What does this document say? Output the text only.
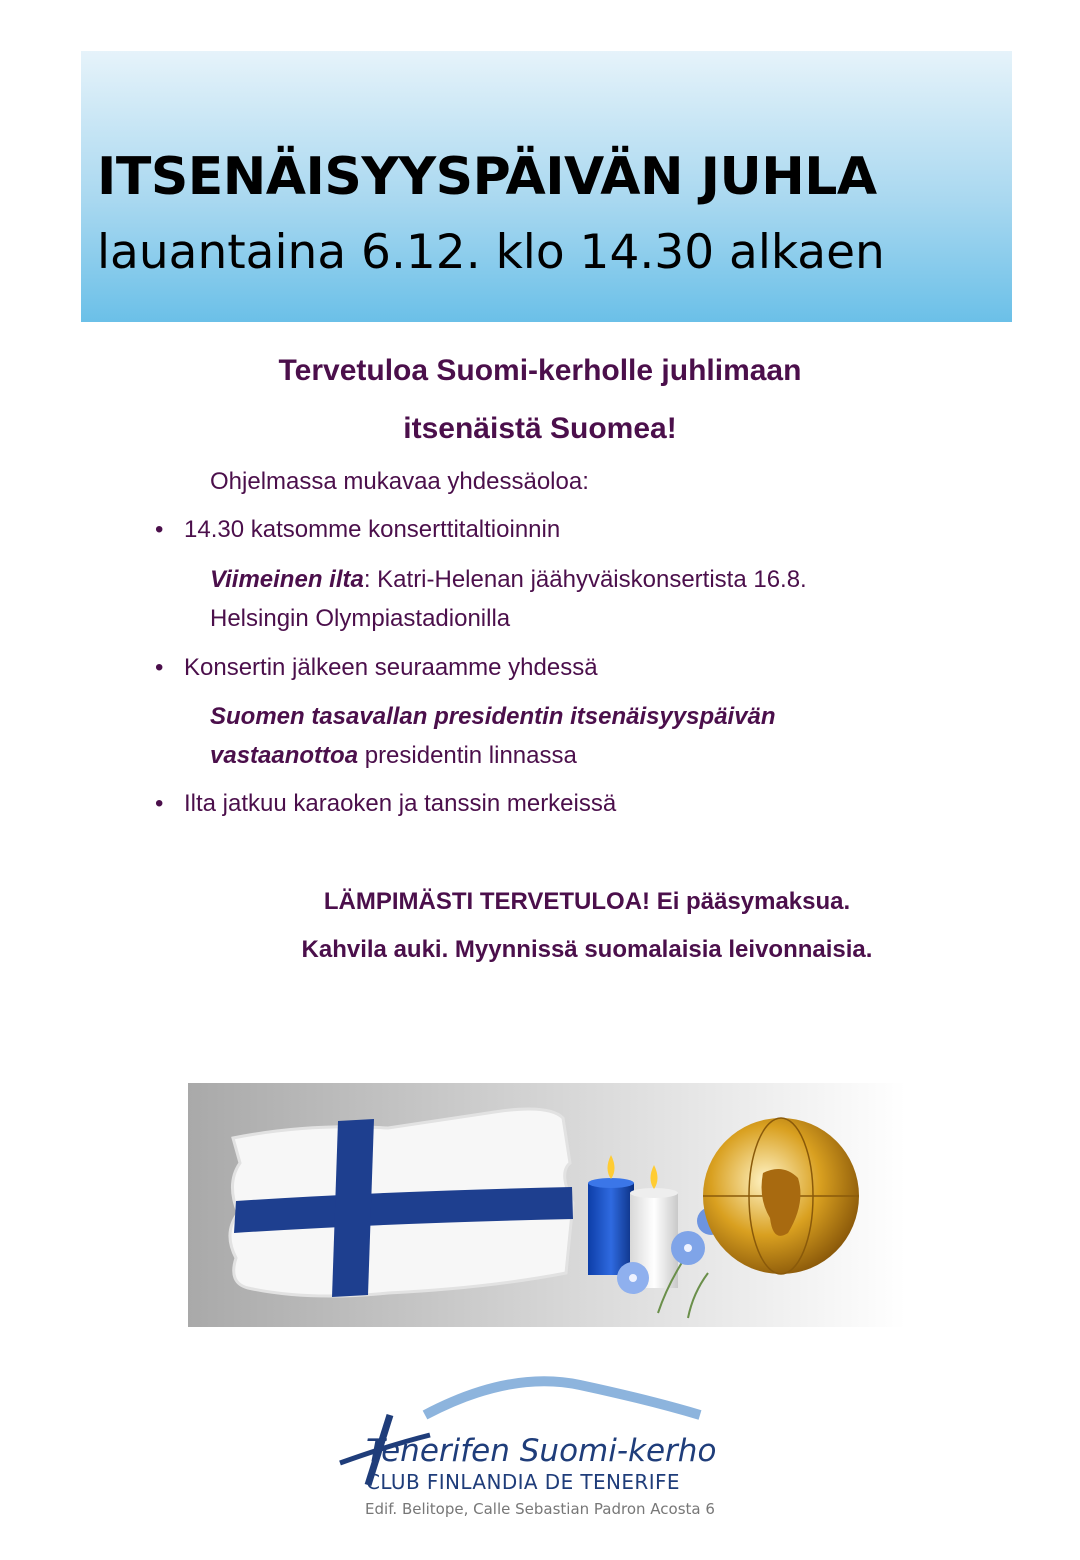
ITSENÄISYYSPÄIVÄN JUHLA

lauantaina 6.12. klo 14.30 alkaen

Tervetuloa Suomi-kerholle juhlimaan
itsenäistä Suomea!

Ohjelmassa mukavaa yhdessäoloa:

• 14.30 katsomme konserttitaltioinnin

Viimeinen ilta: Katri-Helenan jäähyväiskonsertista 16.8.

Helsingin Olympiastadionilla

• Konsertin jälkeen seuraamme yhdessä

Suomen tasavallan presidentin itsenäisyyspäivän

vastaanottoa presidentin linnassa

• Ilta jatkuu karaoken ja tanssin merkeissä

LÄMPIMÄSTI TERVETULOA! Ei pääsymaksua.
Kahvila auki. Myynnissä suomalaisia leivonnaisia.
Tenerifen Suomi-kerho
CLUB FINLANDIA DE TENERIFE
Edif. Belitope, Calle Sebastian Padron Acosta 6
